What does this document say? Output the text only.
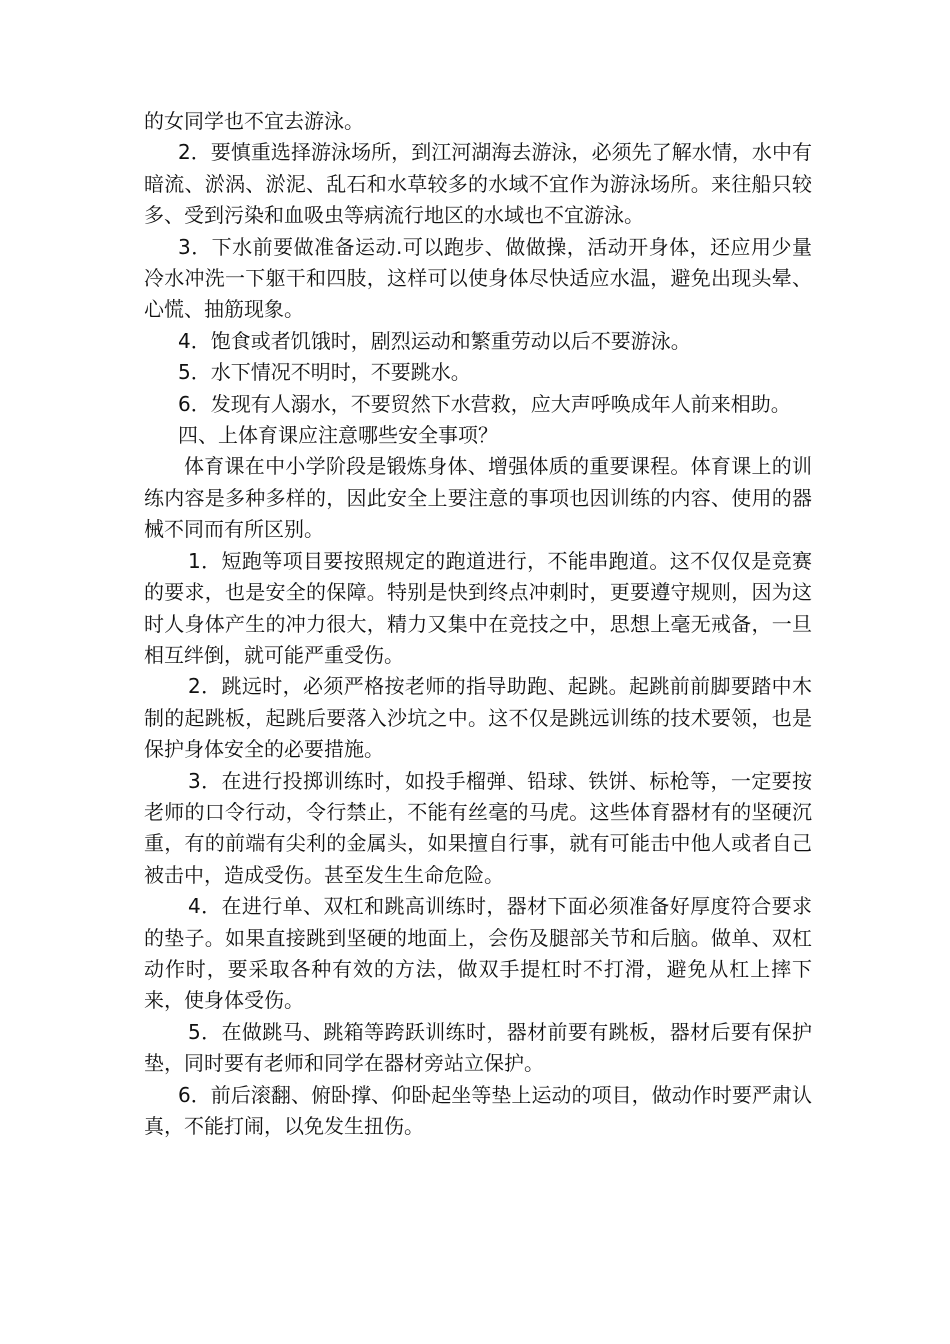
的女同学也不宜去游泳。

2．要慎重选择游泳场所，到江河湖海去游泳，必须先了解水情，水中有暗流、淤涡、淤泥、乱石和水草较多的水域不宜作为游泳场所。来往船只较多、受到污染和血吸虫等病流行地区的水域也不宜游泳。

3．下水前要做准备运动.可以跑步、做做操，活动开身体，还应用少量冷水冲洗一下躯干和四肢，这样可以使身体尽快适应水温，避免出现头晕、心慌、抽筋现象。

4．饱食或者饥饿时，剧烈运动和繁重劳动以后不要游泳。

5．水下情况不明时，不要跳水。

6．发现有人溺水，不要贸然下水营救，应大声呼唤成年人前来相助。

四、上体育课应注意哪些安全事项？

体育课在中小学阶段是锻炼身体、增强体质的重要课程。体育课上的训练内容是多种多样的，因此安全上要注意的事项也因训练的内容、使用的器械不同而有所区别。

1．短跑等项目要按照规定的跑道进行，不能串跑道。这不仅仅是竞赛的要求，也是安全的保障。特别是快到终点冲刺时，更要遵守规则，因为这时人身体产生的冲力很大，精力又集中在竞技之中，思想上毫无戒备，一旦相互绊倒，就可能严重受伤。

2．跳远时，必须严格按老师的指导助跑、起跳。起跳前前脚要踏中木制的起跳板，起跳后要落入沙坑之中。这不仅是跳远训练的技术要领，也是保护身体安全的必要措施。

3．在进行投掷训练时，如投手榴弹、铅球、铁饼、标枪等，一定要按老师的口令行动，令行禁止，不能有丝毫的马虎。这些体育器材有的坚硬沉重，有的前端有尖利的金属头，如果擅自行事，就有可能击中他人或者自己被击中，造成受伤。甚至发生生命危险。

4．在进行单、双杠和跳高训练时，器材下面必须准备好厚度符合要求的垫子。如果直接跳到坚硬的地面上，会伤及腿部关节和后脑。做单、双杠动作时，要采取各种有效的方法，做双手提杠时不打滑，避免从杠上摔下来，使身体受伤。

5．在做跳马、跳箱等跨跃训练时，器材前要有跳板，器材后要有保护垫，同时要有老师和同学在器材旁站立保护。

6．前后滚翻、俯卧撑、仰卧起坐等垫上运动的项目，做动作时要严肃认真，不能打闹，以免发生扭伤。
